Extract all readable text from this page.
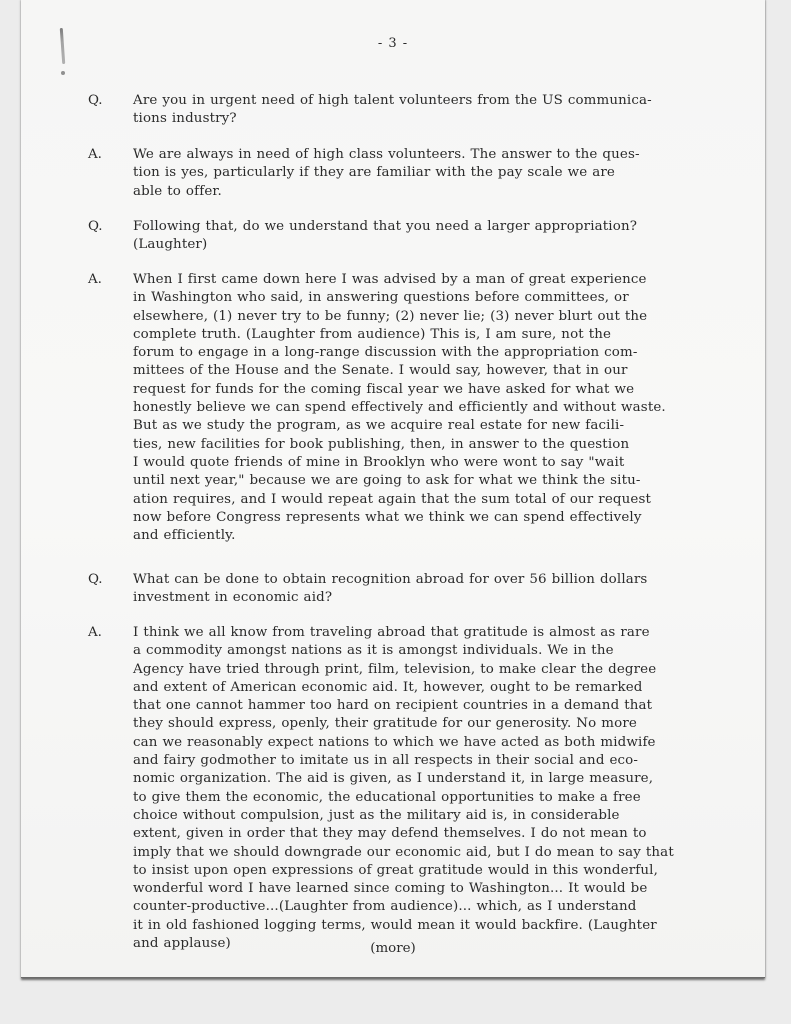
- 3 -
Q. Are you in urgent need of high talent volunteers from the US communica-
tions industry?
A. We are always in need of high class volunteers. The answer to the ques-
tion is yes, particularly if they are familiar with the pay scale we are
able to offer.
Q. Following that, do we understand that you need a larger appropriation?
(Laughter)
A. When I first came down here I was advised by a man of great experience
in Washington who said, in answering questions before committees, or
elsewhere, (1) never try to be funny; (2) never lie; (3) never blurt out the
complete truth. (Laughter from audience) This is, I am sure, not the
forum to engage in a long-range discussion with the appropriation com-
mittees of the House and the Senate. I would say, however, that in our
request for funds for the coming fiscal year we have asked for what we
honestly believe we can spend effectively and efficiently and without waste.
But as we study the program, as we acquire real estate for new facili-
ties, new facilities for book publishing, then, in answer to the question
I would quote friends of mine in Brooklyn who were wont to say "wait
until next year," because we are going to ask for what we think the situ-
ation requires, and I would repeat again that the sum total of our request
now before Congress represents what we think we can spend effectively
and efficiently.
Q. What can be done to obtain recognition abroad for over 56 billion dollars
investment in economic aid?
A. I think we all know from traveling abroad that gratitude is almost as rare
a commodity amongst nations as it is amongst individuals. We in the
Agency have tried through print, film, television, to make clear the degree
and extent of American economic aid. It, however, ought to be remarked
that one cannot hammer too hard on recipient countries in a demand that
they should express, openly, their gratitude for our generosity. No more
can we reasonably expect nations to which we have acted as both midwife
and fairy godmother to imitate us in all respects in their social and eco-
nomic organization. The aid is given, as I understand it, in large measure,
to give them the economic, the educational opportunities to make a free
choice without compulsion, just as the military aid is, in considerable
extent, given in order that they may defend themselves. I do not mean to
imply that we should downgrade our economic aid, but I do mean to say that
to insist upon open expressions of great gratitude would in this wonderful,
wonderful word I have learned since coming to Washington... It would be
counter-productive...(Laughter from audience)... which, as I understand
it in old fashioned logging terms, would mean it would backfire. (Laughter
and applause)	(more)
